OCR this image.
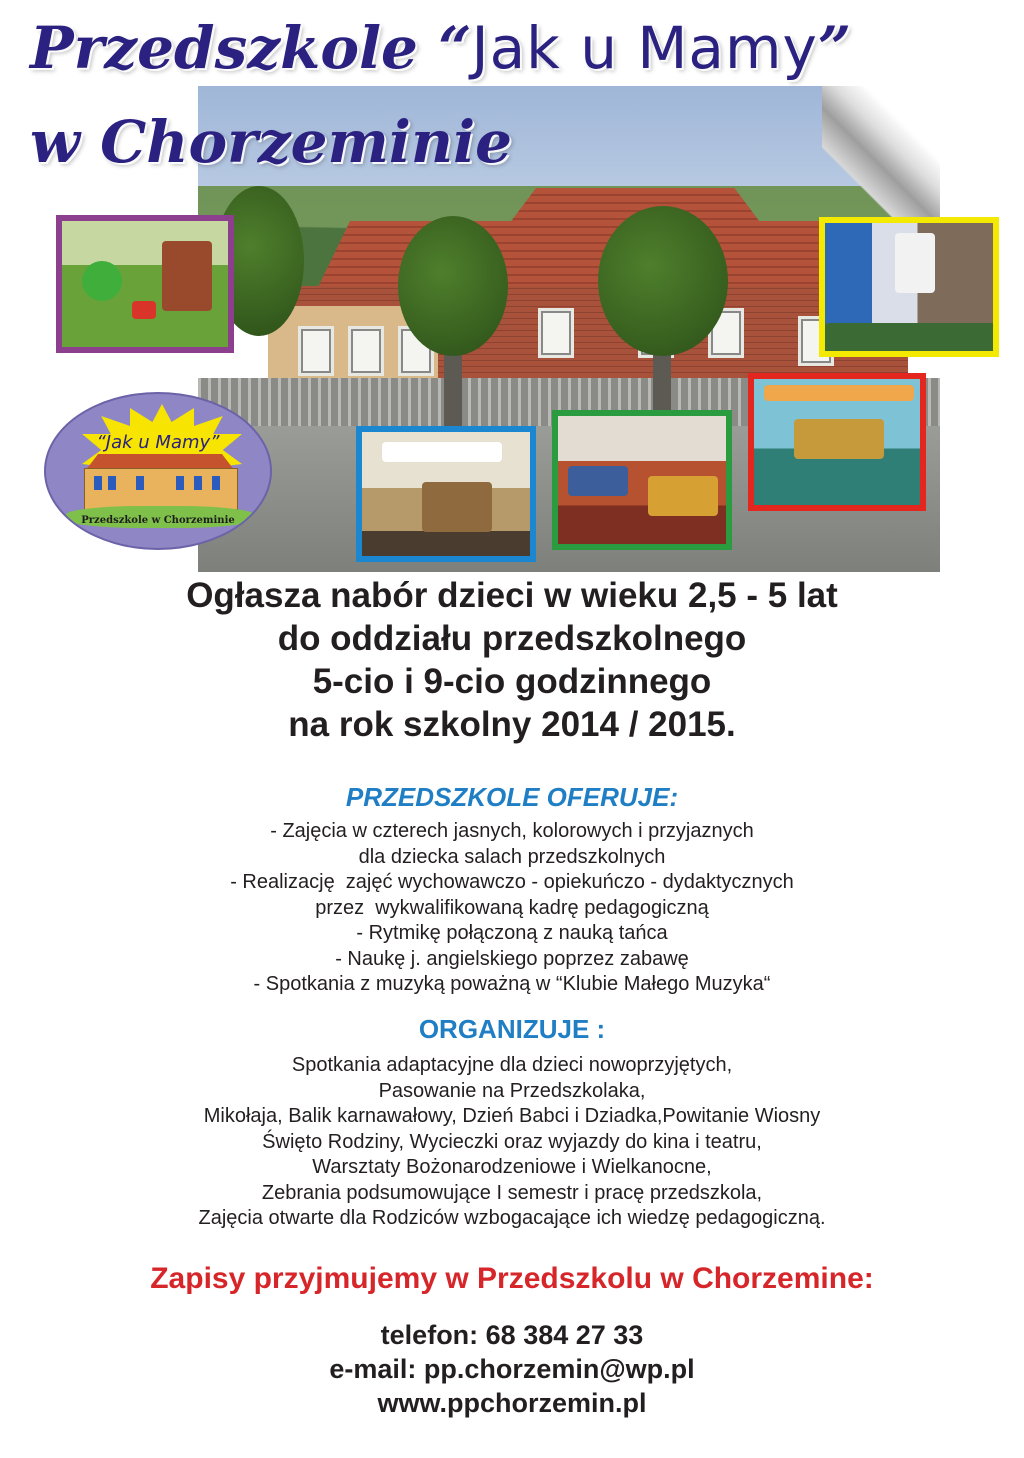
Przedszkole “Jak u Mamy”
w Chorzeminie
“Jak u Mamy”
Przedszkole w Chorzeminie
Ogłasza nabór dzieci w wieku 2,5 - 5 lat
do oddziału przedszkolnego
5-cio i 9-cio godzinnego
na rok szkolny 2014 / 2015.
PRZEDSZKOLE OFERUJE:
- Zajęcia w czterech jasnych, kolorowych i przyjaznych
dla dziecka salach przedszkolnych
- Realizację  zajęć wychowawczo - opiekuńczo - dydaktycznych
przez  wykwalifikowaną kadrę pedagogiczną
- Rytmikę połączoną z nauką tańca
- Naukę j. angielskiego poprzez zabawę
- Spotkania z muzyką poważną w “Klubie Małego Muzyka“
ORGANIZUJE :
Spotkania adaptacyjne dla dzieci nowoprzyjętych,
Pasowanie na Przedszkolaka,
Mikołaja, Balik karnawałowy, Dzień Babci i Dziadka,Powitanie Wiosny
Święto Rodziny, Wycieczki oraz wyjazdy do kina i teatru,
Warsztaty Bożonarodzeniowe i Wielkanocne,
Zebrania podsumowujące I semestr i pracę przedszkola,
Zajęcia otwarte dla Rodziców wzbogacające ich wiedzę pedagogiczną.
Zapisy przyjmujemy w Przedszkolu w Chorzemine:
telefon: 68 384 27 33
e-mail: pp.chorzemin@wp.pl
www.ppchorzemin.pl
